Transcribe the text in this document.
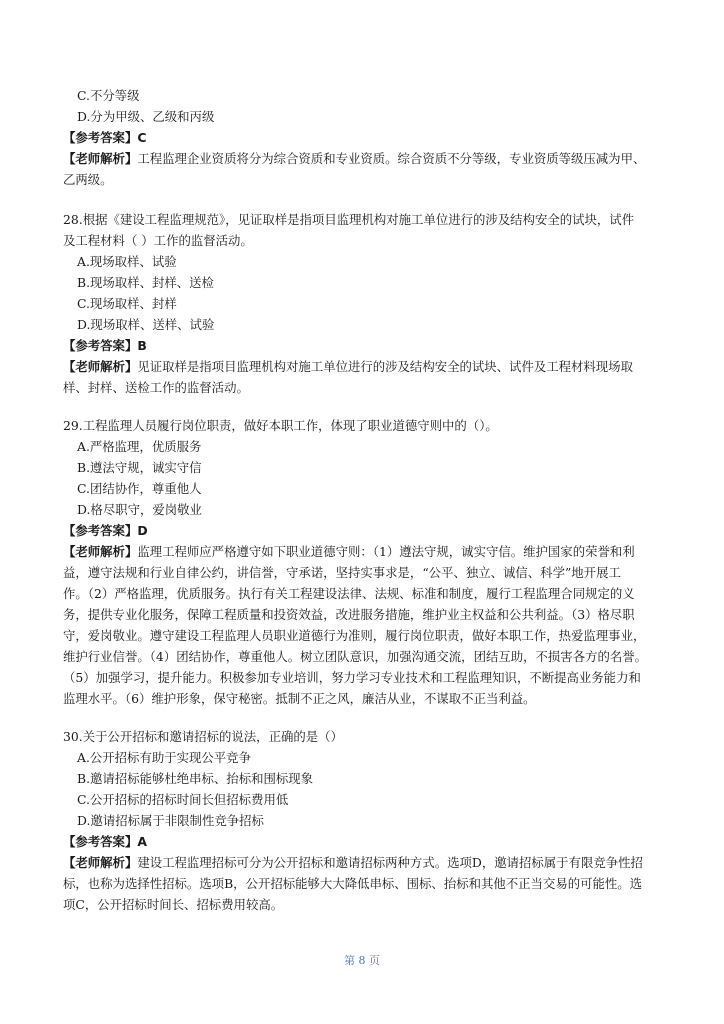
C.不分等级
D.分为甲级、乙级和丙级
【参考答案】C
【老师解析】工程监理企业资质将分为综合资质和专业资质。综合资质不分等级，专业资质等级压减为甲、
乙两级。
28.根据《建设工程监理规范》，见证取样是指项目监理机构对施工单位进行的涉及结构安全的试块，试件
及工程材料（ ）工作的监督活动。
A.现场取样、试验
B.现场取样、封样、送检
C.现场取样、封样
D.现场取样、送样、试验
【参考答案】B
【老师解析】见证取样是指项目监理机构对施工单位进行的涉及结构安全的试块、试件及工程材料现场取
样、封样、送检工作的监督活动。
29.工程监理人员履行岗位职责，做好本职工作，体现了职业道德守则中的（）。
A.严格监理，优质服务
B.遵法守规，诚实守信
C.团结协作，尊重他人
D.格尽职守，爱岗敬业
【参考答案】D
【老师解析】监理工程师应严格遵守如下职业道德守则：（1）遵法守规，诚实守信。维护国家的荣誉和利
益，遵守法规和行业自律公约，讲信誉，守承诺，坚持实事求是，“公平、独立、诚信、科学”地开展工
作。（2）严格监理，优质服务。执行有关工程建设法律、法规、标准和制度，履行工程监理合同规定的义
务，提供专业化服务，保障工程质量和投资效益，改进服务措施，维护业主权益和公共利益。（3）格尽职
守，爱岗敬业。遵守建设工程监理人员职业道德行为准则，履行岗位职责，做好本职工作，热爱监理事业，
维护行业信誉。（4）团结协作，尊重他人。树立团队意识，加强沟通交流，团结互助，不损害各方的名誉。
（5）加强学习，提升能力。积极参加专业培训，努力学习专业技术和工程监理知识，不断提高业务能力和
监理水平。（6）维护形象，保守秘密。抵制不正之风，廉洁从业，不谋取不正当利益。
30.关于公开招标和邀请招标的说法，正确的是（）
A.公开招标有助于实现公平竞争
B.邀请招标能够杜绝串标、抬标和围标现象
C.公开招标的招标时间长但招标费用低
D.邀请招标属于非限制性竞争招标
【参考答案】A
【老师解析】建设工程监理招标可分为公开招标和邀请招标两种方式。选项D，邀请招标属于有限竞争性招
标，也称为选择性招标。选项B，公开招标能够大大降低串标、围标、抬标和其他不正当交易的可能性。选
项C，公开招标时间长、招标费用较高。
第 8 页
